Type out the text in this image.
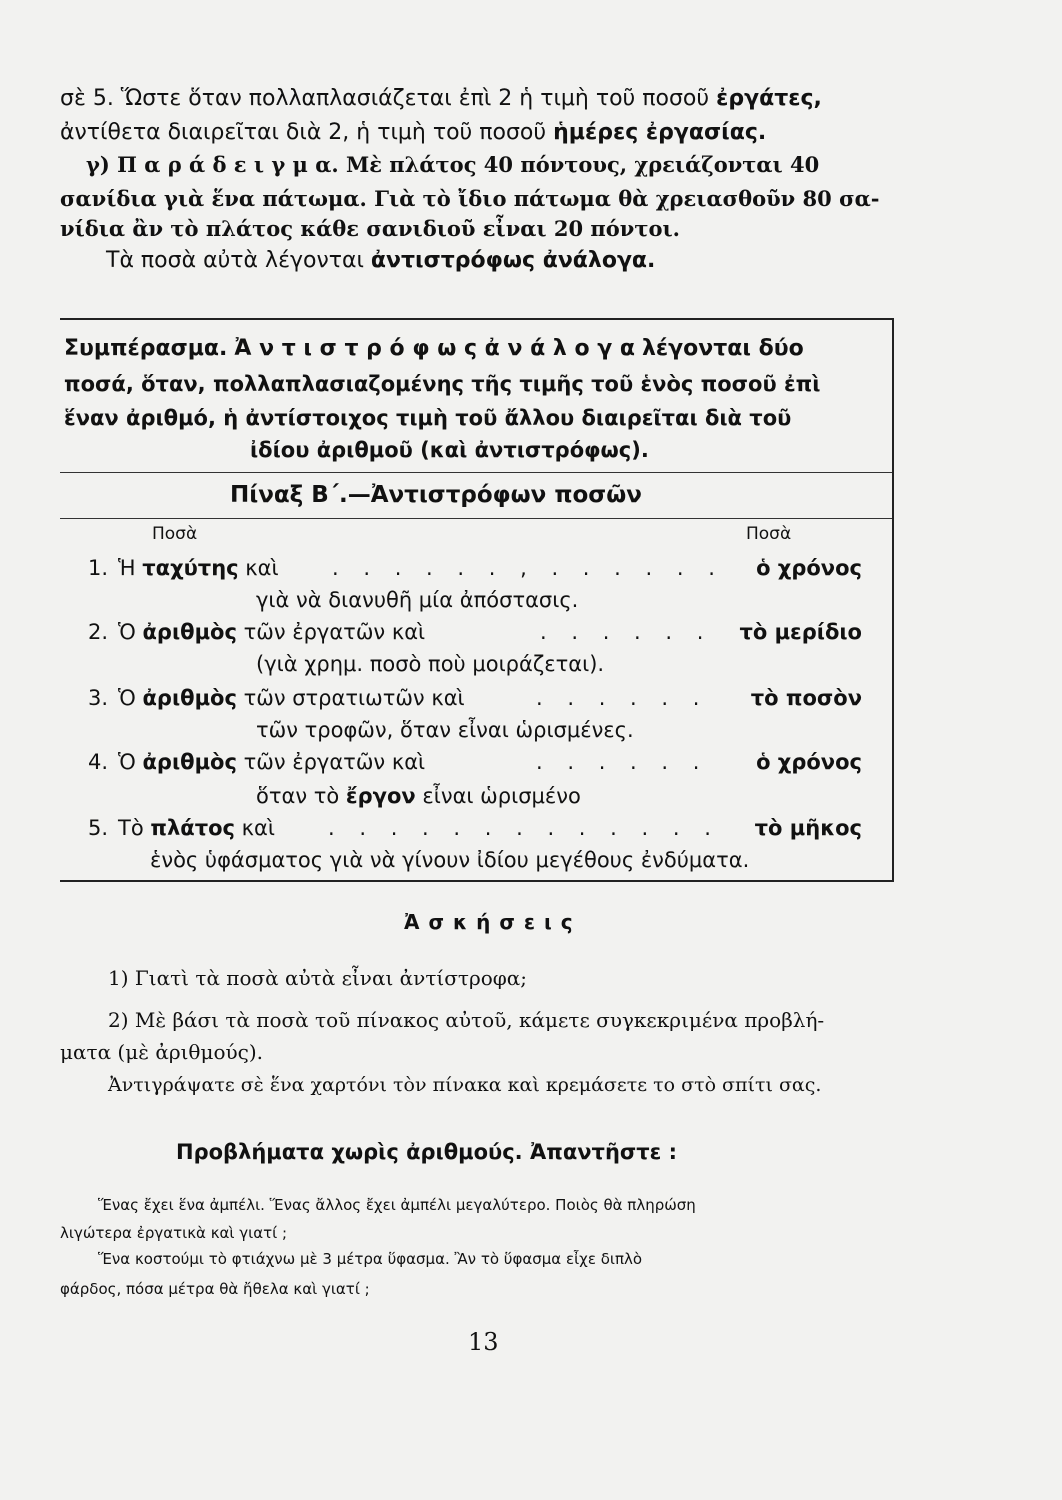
σὲ 5. Ὥστε ὅταν πολλαπλασιάζεται ἐπὶ 2 ἡ τιμὴ τοῦ ποσοῦ ἐργάτες,
ἀντίθετα διαιρεῖται διὰ 2, ἡ τιμὴ τοῦ ποσοῦ ἡμέρες ἐργασίας.
γ) Π α ρ ά δ ε ι γ μ α. Μὲ πλάτος 40 πόντους, χρειάζονται 40
σανίδια γιὰ ἕνα πάτωμα. Γιὰ τὸ ἴδιο πάτωμα θὰ χρειασθοῦν 80 σα-
νίδια ἂν τὸ πλάτος κάθε σανιδιοῦ εἶναι 20 πόντοι.
Τὰ ποσὰ αὐτὰ λέγονται ἀντιστρόφως ἀνάλογα.
Συμπέρασμα. Ἀ ν τ ι σ τ ρ ό φ ω ς ἀ ν ά λ ο γ α λέγονται δύο
ποσά, ὅταν, πολλαπλασιαζομένης τῆς τιμῆς τοῦ ἑνὸς ποσοῦ ἐπὶ
ἕναν ἀριθμό, ἡ ἀντίστοιχος τιμὴ τοῦ ἄλλου διαιρεῖται διὰ τοῦ
ἰδίου ἀριθμοῦ (καὶ ἀντιστρόφως).
Πίναξ Β΄.—Ἀντιστρόφων ποσῶν
Ποσὰ	Ποσὰ
1. Ἡ ταχύτης καὶ	. . . . . . , . . . . . . ὁ χρόνος
γιὰ νὰ διανυθῆ μία ἀπόστασις.
2. Ὁ ἀριθμὸς τῶν ἐργατῶν καὶ	. . . . . . τὸ μερίδιο
(γιὰ χρημ. ποσὸ ποὺ μοιράζεται).
3. Ὁ ἀριθμὸς τῶν στρατιωτῶν καὶ	. . . . . . τὸ ποσὸν
τῶν τροφῶν, ὅταν εἶναι ὡρισμένες.
4. Ὁ ἀριθμὸς τῶν ἐργατῶν καὶ	. . . . . . ὁ χρόνος
ὅταν τὸ ἔργον εἶναι ὡρισμένο
5. Τὸ πλάτος καὶ	. . . . . . . . . . . . . τὸ μῆκος
ἑνὸς ὑφάσματος γιὰ νὰ γίνουν ἰδίου μεγέθους ἐνδύματα.
Ἀ σ κ ή σ ε ι ς
1) Γιατὶ τὰ ποσὰ αὐτὰ εἶναι ἀντίστροφα;
2) Μὲ βάσι τὰ ποσὰ τοῦ πίνακος αὐτοῦ, κάμετε συγκεκριμένα προβλή-
ματα (μὲ ἀριθμούς).
Ἀντιγράψατε σὲ ἕνα χαρτόνι τὸν πίνακα καὶ κρεμάσετε το στὸ σπίτι σας.
Προβλήματα χωρὶς ἀριθμούς. Ἀπαντῆστε :
Ἕνας ἔχει ἕνα ἀμπέλι. Ἕνας ἄλλος ἔχει ἀμπέλι μεγαλύτερο. Ποιὸς θὰ πληρώση
λιγώτερα ἐργατικὰ καὶ γιατί ;
Ἕνα κοστούμι τὸ φτιάχνω μὲ 3 μέτρα ὕφασμα. Ἂν τὸ ὕφασμα εἶχε διπλὸ
φάρδος, πόσα μέτρα θὰ ἤθελα καὶ γιατί ;
13
